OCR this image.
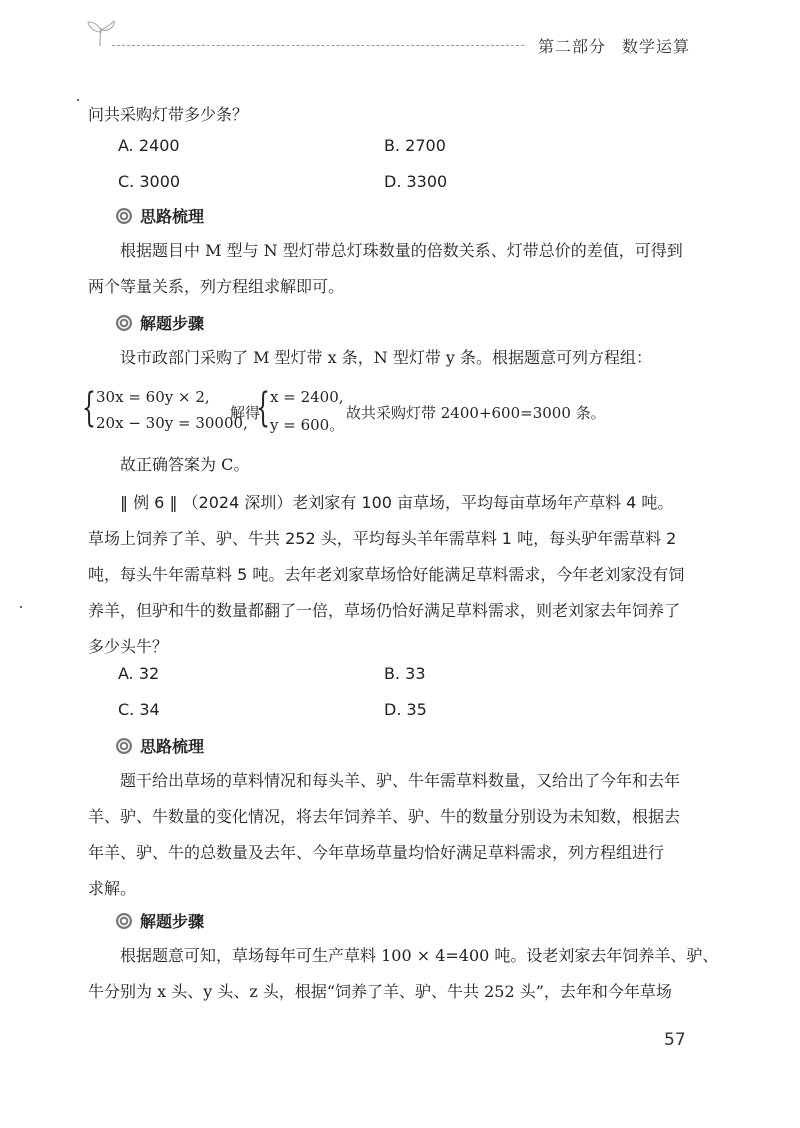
第二部分 数学运算

问共采购灯带多少条？

A. 2400	B. 2700
C. 3000	D. 3300
思路梳理

根据题目中 M 型与 N 型灯带总灯珠数量的倍数关系、灯带总价的差值，可得到

两个等量关系，列方程组求解即可。

解题步骤

设市政部门采购了 M 型灯带 x 条，N 型灯带 y 条。根据题意可列方程组：

{ 30x = 60y × 2,
20x − 30y = 30000,
解得
{ x = 2400,
y = 600。
故共采购灯带 2400+600=3000 条。

故正确答案为 C。

‖ 例 6 ‖ （2024 深圳）老刘家有 100 亩草场，平均每亩草场年产草料 4 吨。

草场上饲养了羊、驴、牛共 252 头，平均每头羊年需草料 1 吨，每头驴年需草料 2

吨，每头牛年需草料 5 吨。去年老刘家草场恰好能满足草料需求，今年老刘家没有饲

养羊，但驴和牛的数量都翻了一倍，草场仍恰好满足草料需求，则老刘家去年饲养了

多少头牛？

A. 32	B. 33
C. 34	D. 35
思路梳理

题干给出草场的草料情况和每头羊、驴、牛年需草料数量，又给出了今年和去年

羊、驴、牛数量的变化情况，将去年饲养羊、驴、牛的数量分别设为未知数，根据去

年羊、驴、牛的总数量及去年、今年草场草量均恰好满足草料需求，列方程组进行

求解。

解题步骤

根据题意可知，草场每年可生产草料 100 × 4=400 吨。设老刘家去年饲养羊、驴、

牛分别为 x 头、y 头、z 头，根据“饲养了羊、驴、牛共 252 头”，去年和今年草场

57
